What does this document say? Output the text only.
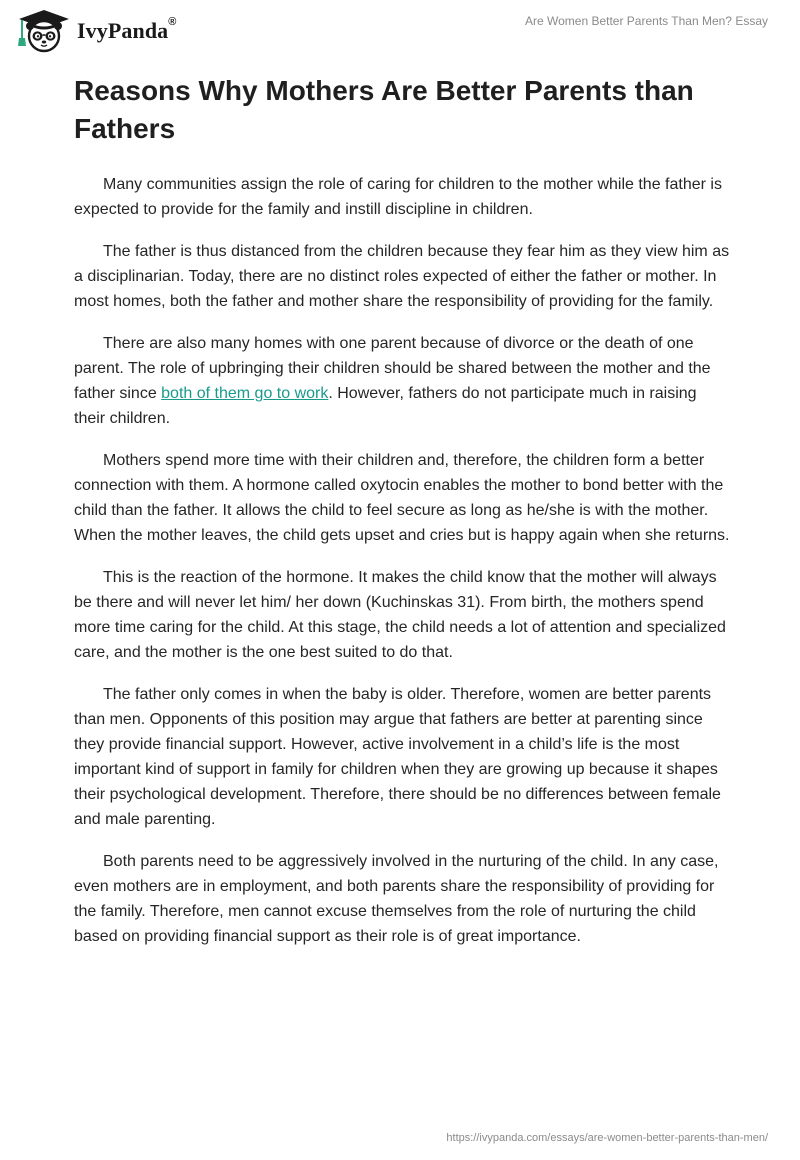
IvyPanda®	Are Women Better Parents Than Men? Essay
Reasons Why Mothers Are Better Parents than Fathers

Many communities assign the role of caring for children to the mother while the father is expected to provide for the family and instill discipline in children.

The father is thus distanced from the children because they fear him as they view him as a disciplinarian. Today, there are no distinct roles expected of either the father or mother. In most homes, both the father and mother share the responsibility of providing for the family.

There are also many homes with one parent because of divorce or the death of one parent. The role of upbringing their children should be shared between the mother and the father since both of them go to work. However, fathers do not participate much in raising their children.

Mothers spend more time with their children and, therefore, the children form a better connection with them. A hormone called oxytocin enables the mother to bond better with the child than the father. It allows the child to feel secure as long as he/she is with the mother. When the mother leaves, the child gets upset and cries but is happy again when she returns.

This is the reaction of the hormone. It makes the child know that the mother will always be there and will never let him/ her down (Kuchinskas 31). From birth, the mothers spend more time caring for the child. At this stage, the child needs a lot of attention and specialized care, and the mother is the one best suited to do that.

The father only comes in when the baby is older. Therefore, women are better parents than men. Opponents of this position may argue that fathers are better at parenting since they provide financial support. However, active involvement in a child’s life is the most important kind of support in family for children when they are growing up because it shapes their psychological development. Therefore, there should be no differences between female and male parenting.

Both parents need to be aggressively involved in the nurturing of the child. In any case, even mothers are in employment, and both parents share the responsibility of providing for the family. Therefore, men cannot excuse themselves from the role of nurturing the child based on providing financial support as their role is of great importance.

https://ivypanda.com/essays/are-women-better-parents-than-men/
